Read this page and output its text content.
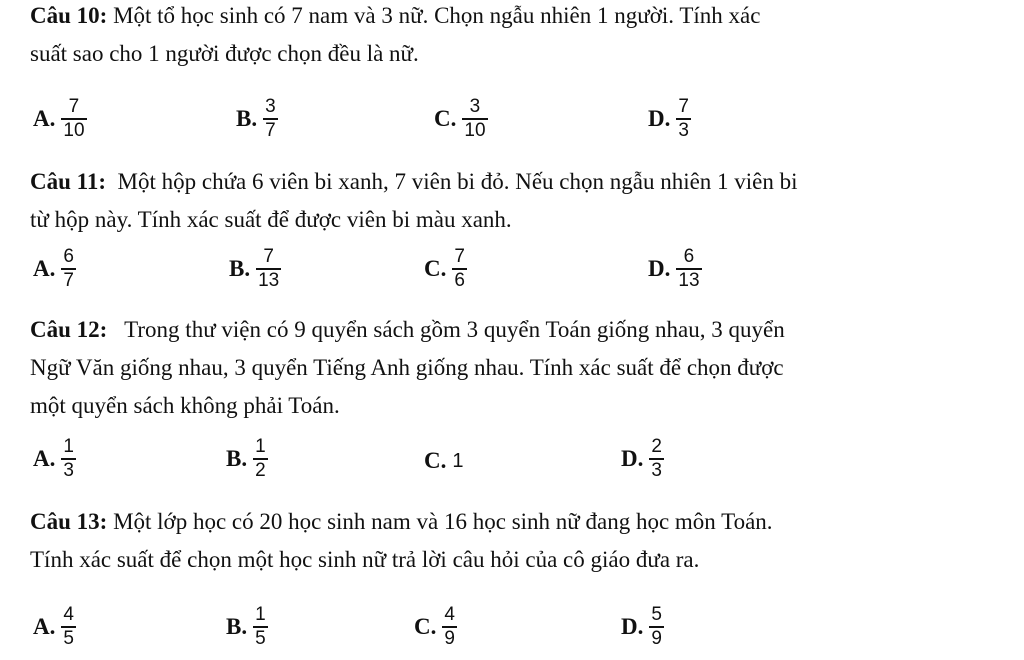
Câu 10: Một tổ học sinh có 7 nam và 3 nữ. Chọn ngẫu nhiên 1 người. Tính xác
suất sao cho 1 người được chọn đều là nữ.
A. $\frac{7}{10}$	B. $\frac{3}{7}$	C. $\frac{3}{10}$	D. $\frac{7}{3}$
Câu 11: Một hộp chứa 6 viên bi xanh, 7 viên bi đỏ. Nếu chọn ngẫu nhiên 1 viên bi
từ hộp này. Tính xác suất để được viên bi màu xanh.
A. $\frac{6}{7}$	B. $\frac{7}{13}$	C. $\frac{7}{6}$	D. $\frac{6}{13}$
Câu 12: Trong thư viện có 9 quyển sách gồm 3 quyển Toán giống nhau, 3 quyển
Ngữ Văn giống nhau, 3 quyển Tiếng Anh giống nhau. Tính xác suất để chọn được
một quyển sách không phải Toán.
A. $\frac{1}{3}$	B. $\frac{1}{2}$	C. 1	D. $\frac{2}{3}$
Câu 13: Một lớp học có 20 học sinh nam và 16 học sinh nữ đang học môn Toán.
Tính xác suất để chọn một học sinh nữ trả lời câu hỏi của cô giáo đưa ra.
A. $\frac{4}{5}$	B. $\frac{1}{5}$	C. $\frac{4}{9}$	D. $\frac{5}{9}$
